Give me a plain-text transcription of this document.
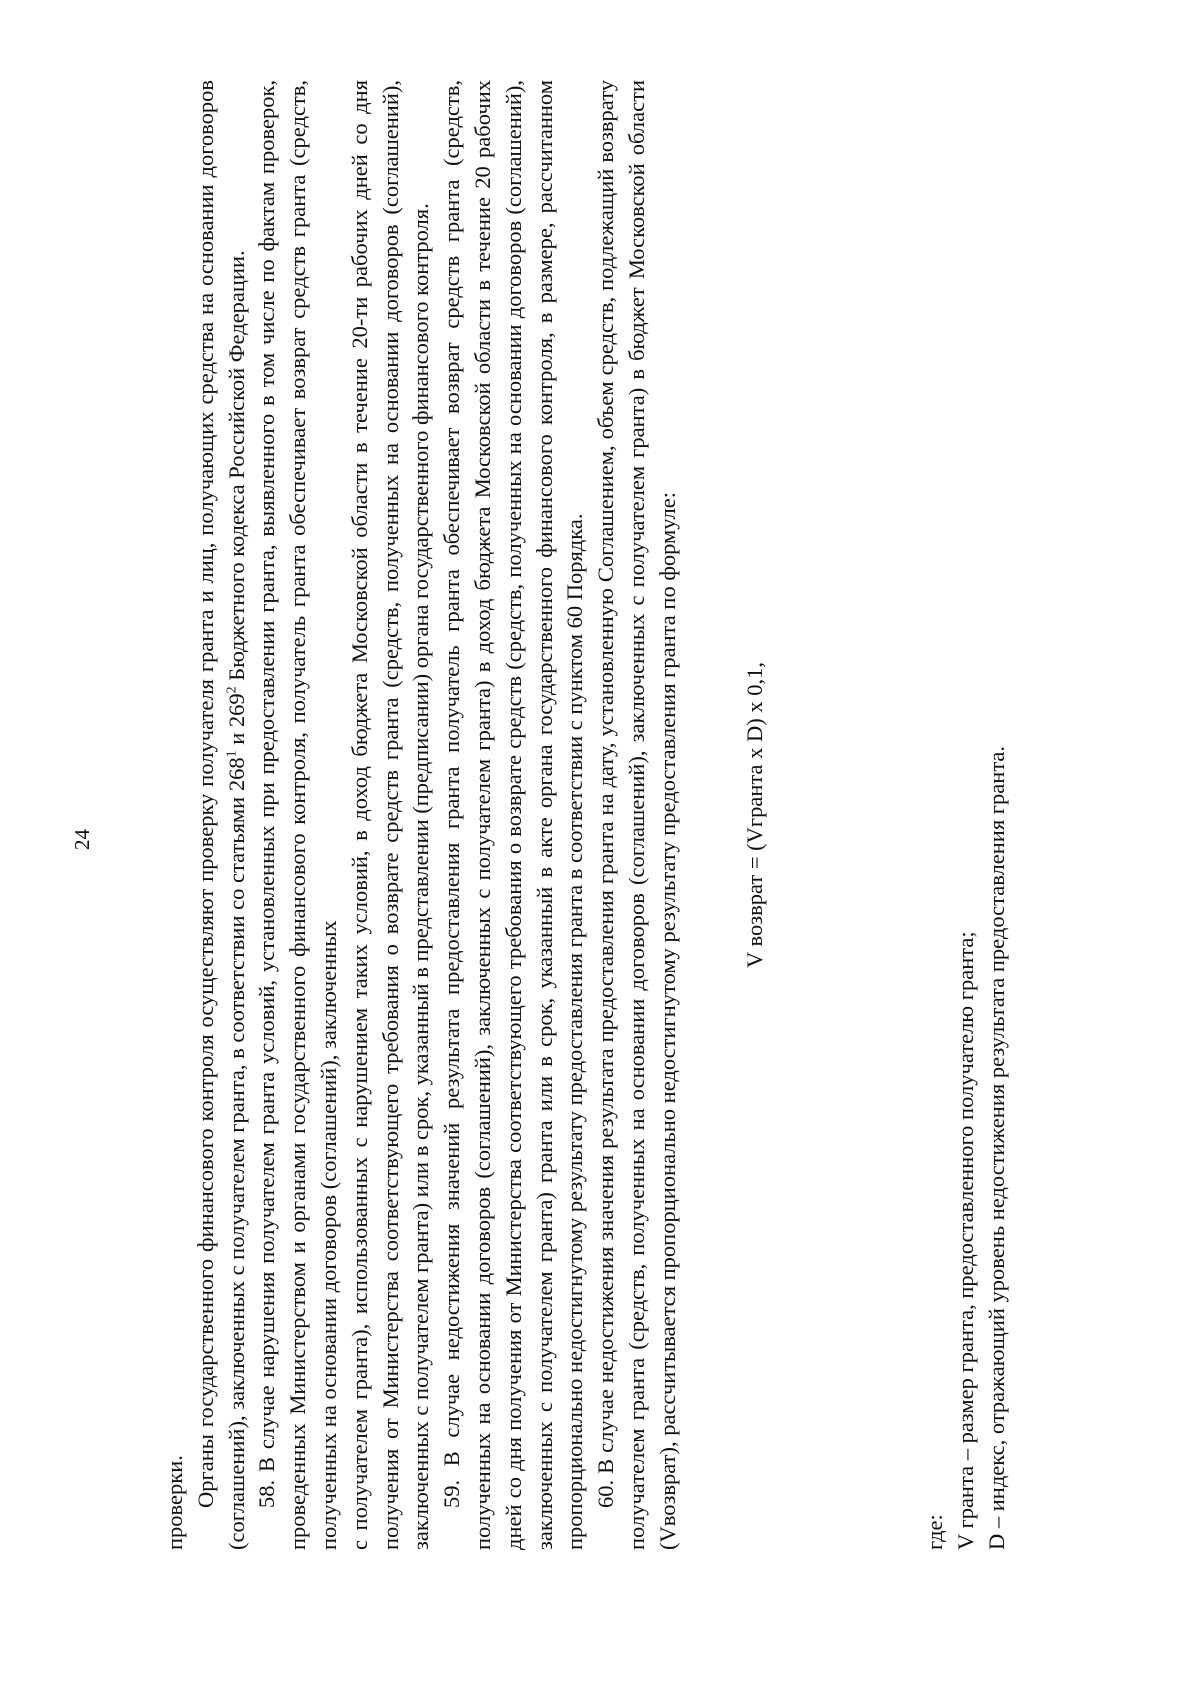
24

проверки. Органы государственного финансового контроля осуществляют проверку получателя гранта и лиц, получающих средства на основании договоров (соглашений), заключенных с получателем гранта, в соответствии со статьями $268^1$ и $269^2$ Бюджетного кодекса Российской Федерации. 58. В случае нарушения получателем гранта условий, установленных при предоставлении гранта, выявленного в том числе по фактам проверок, проведенных Министерством и органами государственного финансового контроля, получатель гранта обеспечивает возврат средств гранта (средств, полученных на основании договоров (соглашений), заключенных с получателем гранта), использованных с нарушением таких условий, в доход бюджета Московской области в течение 20-ти рабочих дней со дня получения от Министерства соответствующего требования о возврате средств гранта (средств, полученных на основании договоров (соглашений), заключенных с получателем гранта) или в срок, указанный в представлении (предписании) органа государственного финансового контроля. 59. В случае недостижения значений результата предоставления гранта получатель гранта обеспечивает возврат средств гранта (средств, полученных на основании договоров (соглашений), заключенных с получателем гранта) в доход бюджета Московской области в течение 20 рабочих дней со дня получения от Министерства соответствующего требования о возврате средств (средств, полученных на основании договоров (соглашений), заключенных с получателем гранта) гранта или в срок, указанный в акте органа государственного финансового контроля, в размере, рассчитанном пропорционально недостигнутому результату предоставления гранта в соответствии с пунктом 60 Порядка. 60. В случае недостижения значения результата предоставления гранта на дату, установленную Соглашением, объем средств, подлежащий возврату получателем гранта (средств, полученных на основании договоров (соглашений), заключенных с получателем гранта) в бюджет Московской области (Vвозврат), рассчитывается пропорционально недостигнутому результату предоставления гранта по формуле:	V возврат = (Vгранта x D) x 0,1,

где: V гранта – размер гранта, предоставленного получателю гранта; D – индекс, отражающий уровень недостижения результата предоставления гранта.
